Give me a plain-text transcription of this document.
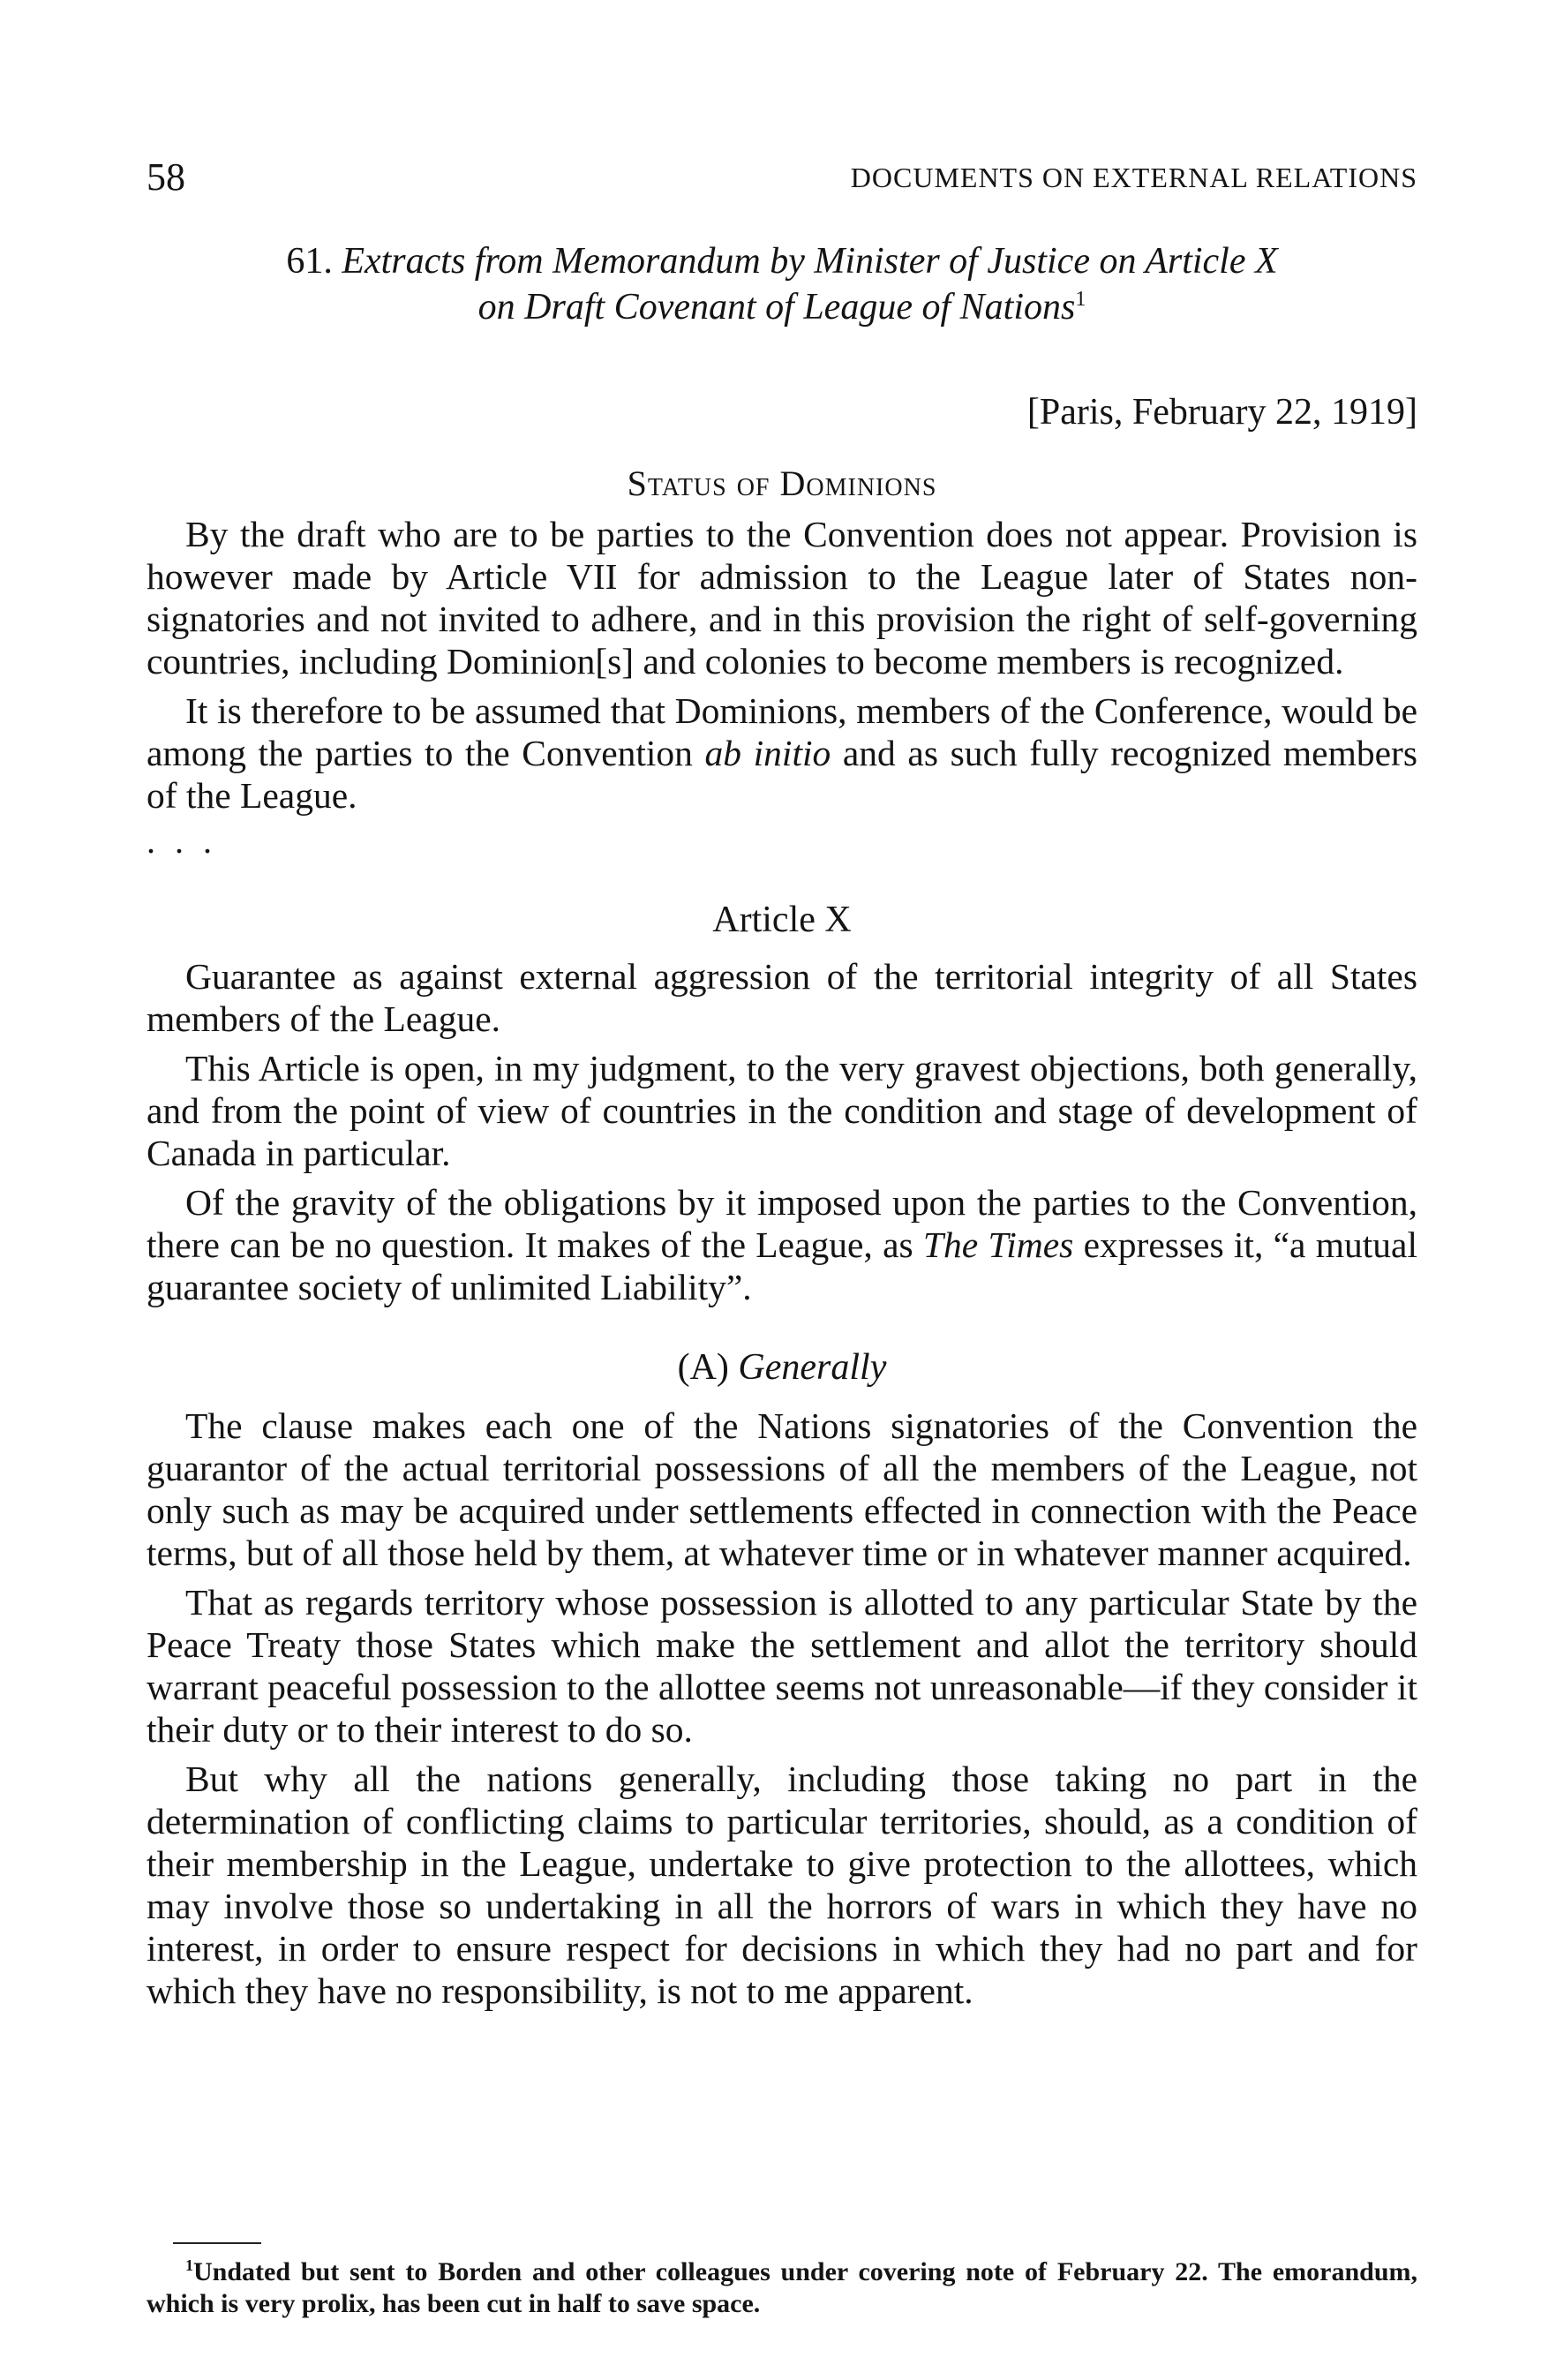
58	DOCUMENTS ON EXTERNAL RELATIONS
61. Extracts from Memorandum by Minister of Justice on Article X
on Draft Covenant of League of Nations$^1$
[Paris, February 22, 1919]

Status of Dominions

By the draft who are to be parties to the Convention does not appear. Provision is however made by Article VII for admission to the League later of States non-signatories and not invited to adhere, and in this provision the right of self-governing countries, including Dominion[s] and colonies to become members is recognized.

It is therefore to be assumed that Dominions, members of the Conference, would be among the parties to the Convention ab initio and as such fully recognized members of the League.

. . .

Article X

Guarantee as against external aggression of the territorial integrity of all States members of the League.

This Article is open, in my judgment, to the very gravest objections, both generally, and from the point of view of countries in the condition and stage of development of Canada in particular.

Of the gravity of the obligations by it imposed upon the parties to the Convention, there can be no question. It makes of the League, as The Times expresses it, “a mutual guarantee society of unlimited Liability”.

(A) Generally

The clause makes each one of the Nations signatories of the Convention the guarantor of the actual territorial possessions of all the members of the League, not only such as may be acquired under settlements effected in connection with the Peace terms, but of all those held by them, at whatever time or in whatever manner acquired.

That as regards territory whose possession is allotted to any particular State by the Peace Treaty those States which make the settlement and allot the territory should warrant peaceful possession to the allottee seems not unreasonable—if they consider it their duty or to their interest to do so.

But why all the nations generally, including those taking no part in the determination of conflicting claims to particular territories, should, as a condition of their membership in the League, undertake to give protection to the allottees, which may involve those so undertaking in all the horrors of wars in which they have no interest, in order to ensure respect for decisions in which they had no part and for which they have no responsibility, is not to me apparent.

$^1$Undated but sent to Borden and other colleagues under covering note of February 22. The emorandum, which is very prolix, has been cut in half to save space.
